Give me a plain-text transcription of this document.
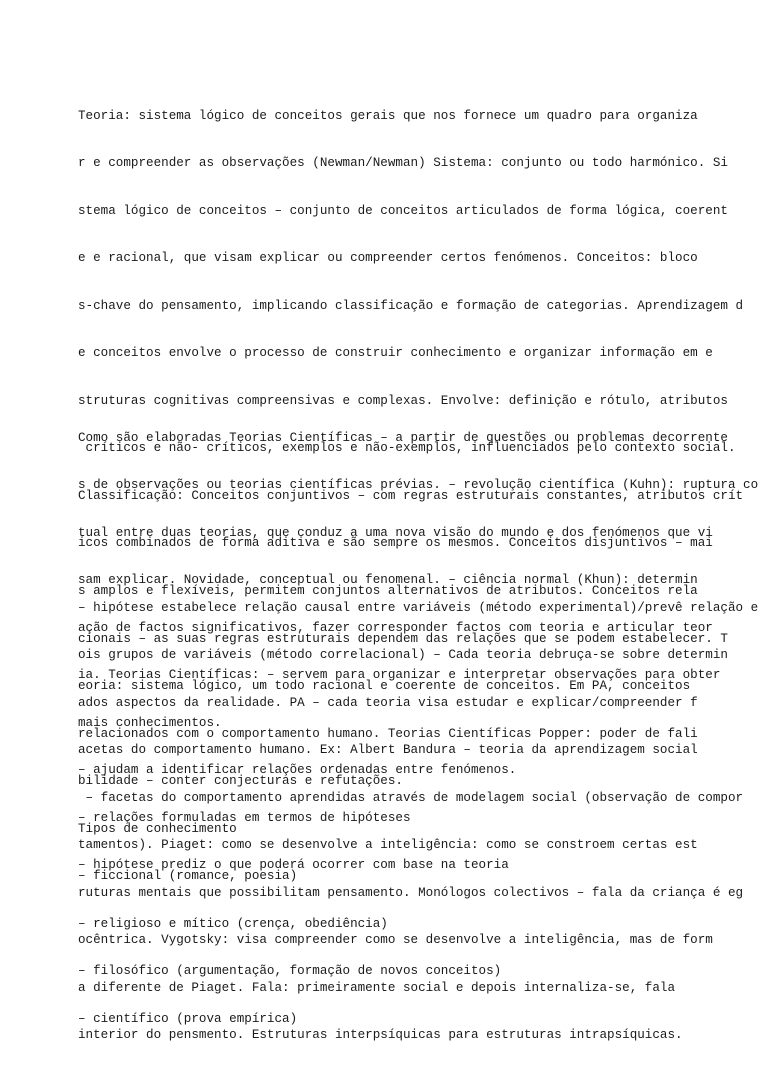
Teoria: sistema lógico de conceitos gerais que nos fornece um quadro para organiza

r e compreender as observações (Newman/Newman) Sistema: conjunto ou todo harmónico. Si

stema lógico de conceitos – conjunto de conceitos articulados de forma lógica, coerent

e e racional, que visam explicar ou compreender certos fenómenos. Conceitos: bloco

s-chave do pensamento, implicando classificação e formação de categorias. Aprendizagem d

e conceitos envolve o processo de construir conhecimento e organizar informação em e

struturas cognitivas compreensivas e complexas. Envolve: definição e rótulo, atributos

críticos e não- críticos, exemplos e não-exemplos, influenciados pelo contexto social.

Classificação: Conceitos conjuntivos – com regras estruturais constantes, atributos crít

icos combinados de forma aditiva e são sempre os mesmos. Conceitos disjuntivos – mai

s amplos e flexíveis, permitem conjuntos alternativos de atributos. Conceitos rela

cionais – as suas regras estruturais dependem das relações que se podem estabelecer. T

eoria: sistema lógico, um todo racional e coerente de conceitos. Em PA, conceitos

relacionados com o comportamento humano. Teorias Científicas Popper: poder de fali

bilidade – conter conjecturas e refutações.

Tipos de conhecimento

– ficcional (romance, poesia)

– religioso e mítico (crença, obediência)

– filosófico (argumentação, formação de novos conceitos)

– científico (prova empírica)

Como são elaboradas Teorias Científicas – a partir de questões ou problemas decorrente

s de observações ou teorias científicas prévias. – revolução científica (Kuhn): ruptura co

tual entre duas teorias, que conduz a uma nova visão do mundo e dos fenómenos que vi

sam explicar. Novidade, conceptual ou fenomenal. – ciência normal (Khun): determin

ação de factos significativos, fazer corresponder factos com teoria e articular teor

ia. Teorias Científicas: – servem para organizar e interpretar observações para obter

mais conhecimentos.

– ajudam a identificar relações ordenadas entre fenómenos.

– relações formuladas em termos de hipóteses

– hipótese prediz o que poderá ocorrer com base na teoria

– hipótese estabelece relação causal entre variáveis (método experimental)/prevê relação e

ois grupos de variáveis (método correlacional) – Cada teoria debruça-se sobre determin

ados aspectos da realidade. PA – cada teoria visa estudar e explicar/compreender f

acetas do comportamento humano. Ex: Albert Bandura – teoria da aprendizagem social

– facetas do comportamento aprendidas através de modelagem social (observação de compor

tamentos). Piaget: como se desenvolve a inteligência: como se constroem certas est

ruturas mentais que possibilitam pensamento. Monólogos colectivos – fala da criança é eg

ocêntrica. Vygotsky: visa compreender como se desenvolve a inteligência, mas de form

a diferente de Piaget. Fala: primeiramente social e depois internaliza-se, fala

interior do pensmento. Estruturas interpsíquicas para estruturas intrapsíquicas.
